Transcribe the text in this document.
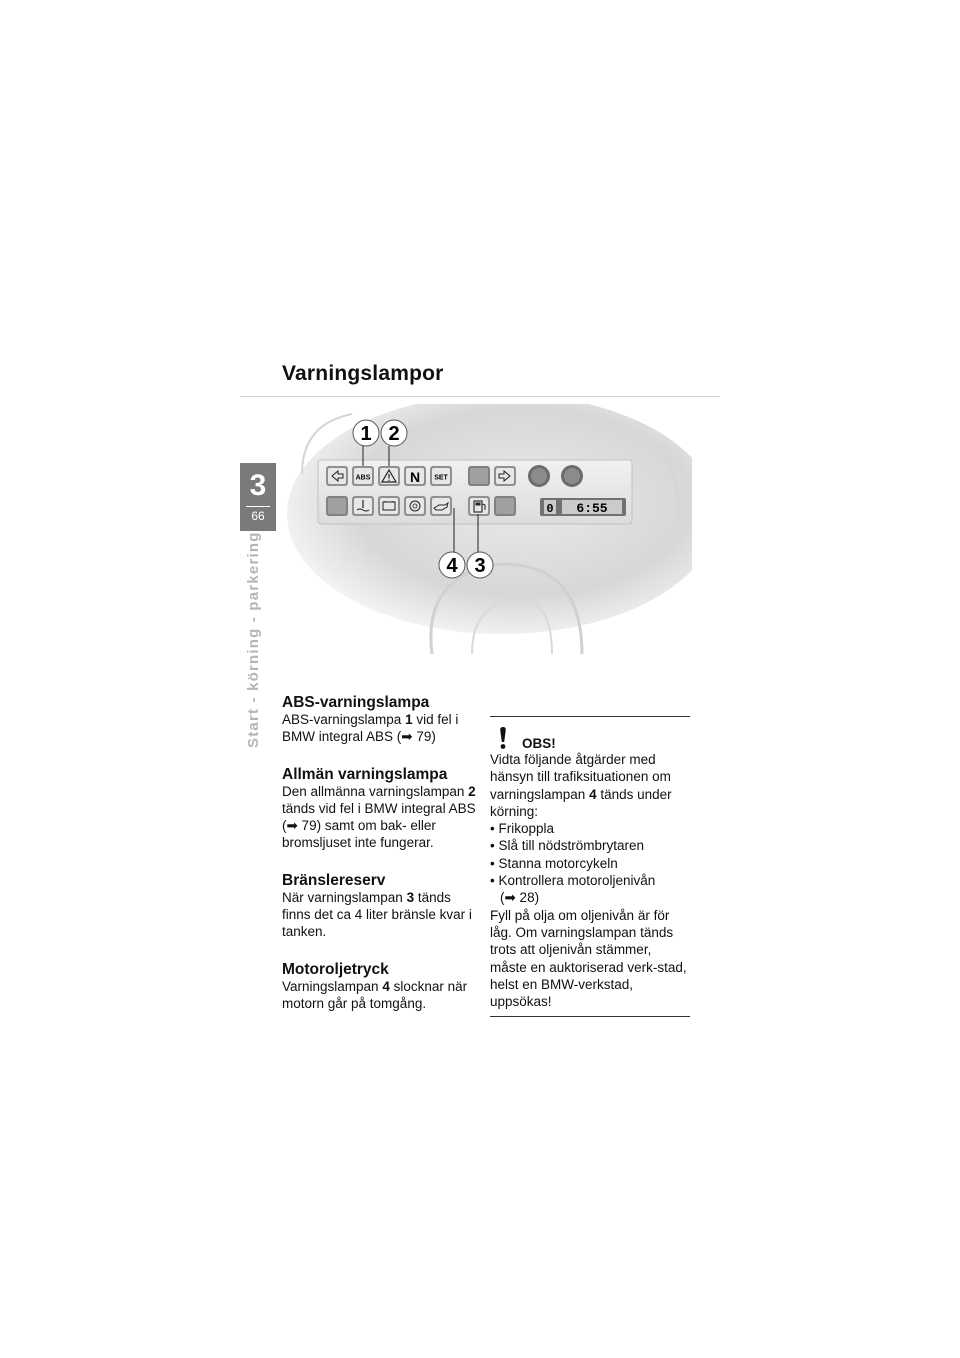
Varningslampor
3
66
Start - körning - parkering
ABS	N SET
0 6:55
1 2
4 3
ABS-varningslampa

ABS-varningslampa 1 vid fel i BMW integral ABS (➡ 79)

Allmän varningslampa

Den allmänna varningslampan 2 tänds vid fel i BMW integral ABS (➡ 79) samt om bak- eller bromsljuset inte fungerar.

Bränslereserv

När varningslampan 3 tänds finns det ca 4 liter bränsle kvar i tanken.

Motoroljetryck

Varningslampan 4 slocknar när motorn går på tomgång.

OBS!

Vidta följande åtgärder med hänsyn till trafiksituationen om varningslampan 4 tänds under körning:

• Frikoppla
• Slå till nödströmbrytaren
• Stanna motorcykeln
• Kontrollera motoroljenivån
(➡ 28)

Fyll på olja om oljenivån är för låg. Om varningslampan tänds trots att oljenivån stämmer, måste en auktoriserad verk-stad, helst en BMW-verkstad, uppsökas!
